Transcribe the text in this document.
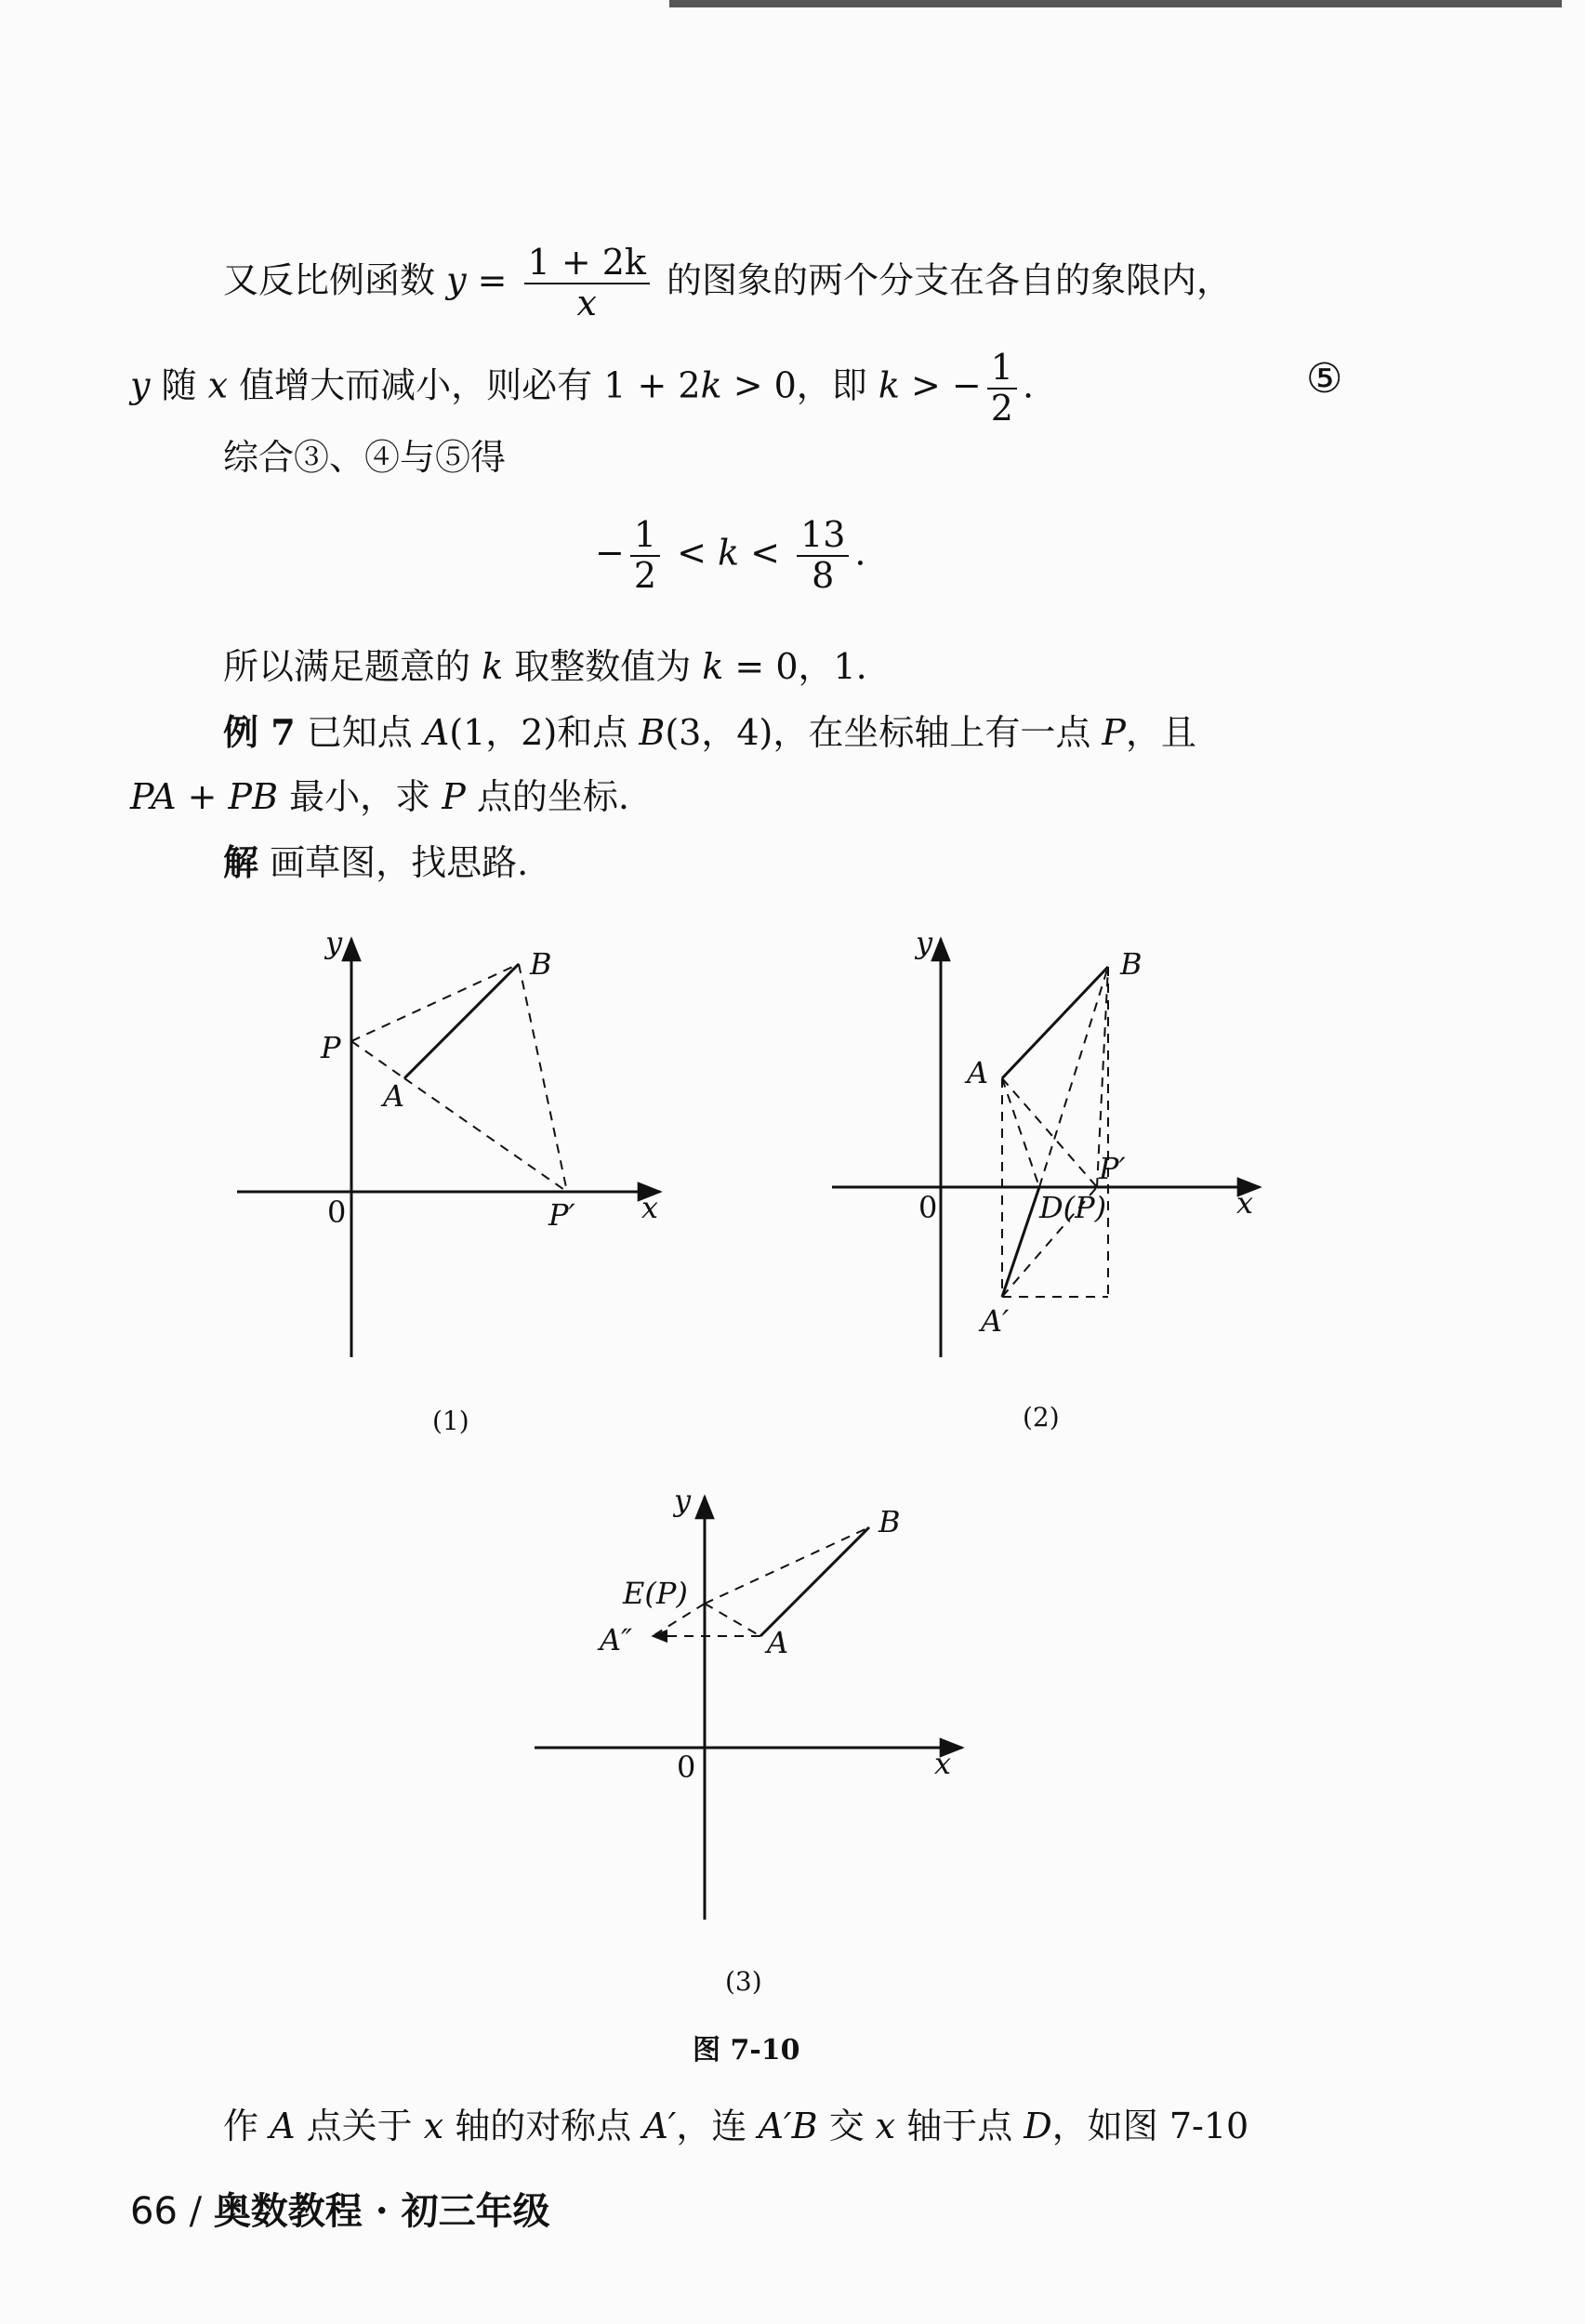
又反比例函数 $y = \frac{1 + 2k}{x}$ 的图象的两个分支在各自的象限内，
y 随 x 值增大而减小，则必有 1 + 2k > 0，即 k > − $\frac{1}{2}$ .	⑤
综合③、④与⑤得
− $\frac{1}{2} < k < \frac{13}{8}$ .
所以满足题意的 k 取整数值为 k = 0，1.
例 7 已知点 A(1，2)和点 B(3，4)，在坐标轴上有一点 P，且
PA + PB 最小，求 P 点的坐标.
解 画草图，找思路.
y
B
P
A
0	P′ x
y
B
A
P′
0	D(P)	x
A′
y
B
E(P)
A″	A
0	x
(1)	(2)
(3)
图 7-10
作 A 点关于 x 轴的对称点 A′，连 A′B 交 x 轴于点 D，如图 7-10
66 / 奥数教程 · 初三年级
